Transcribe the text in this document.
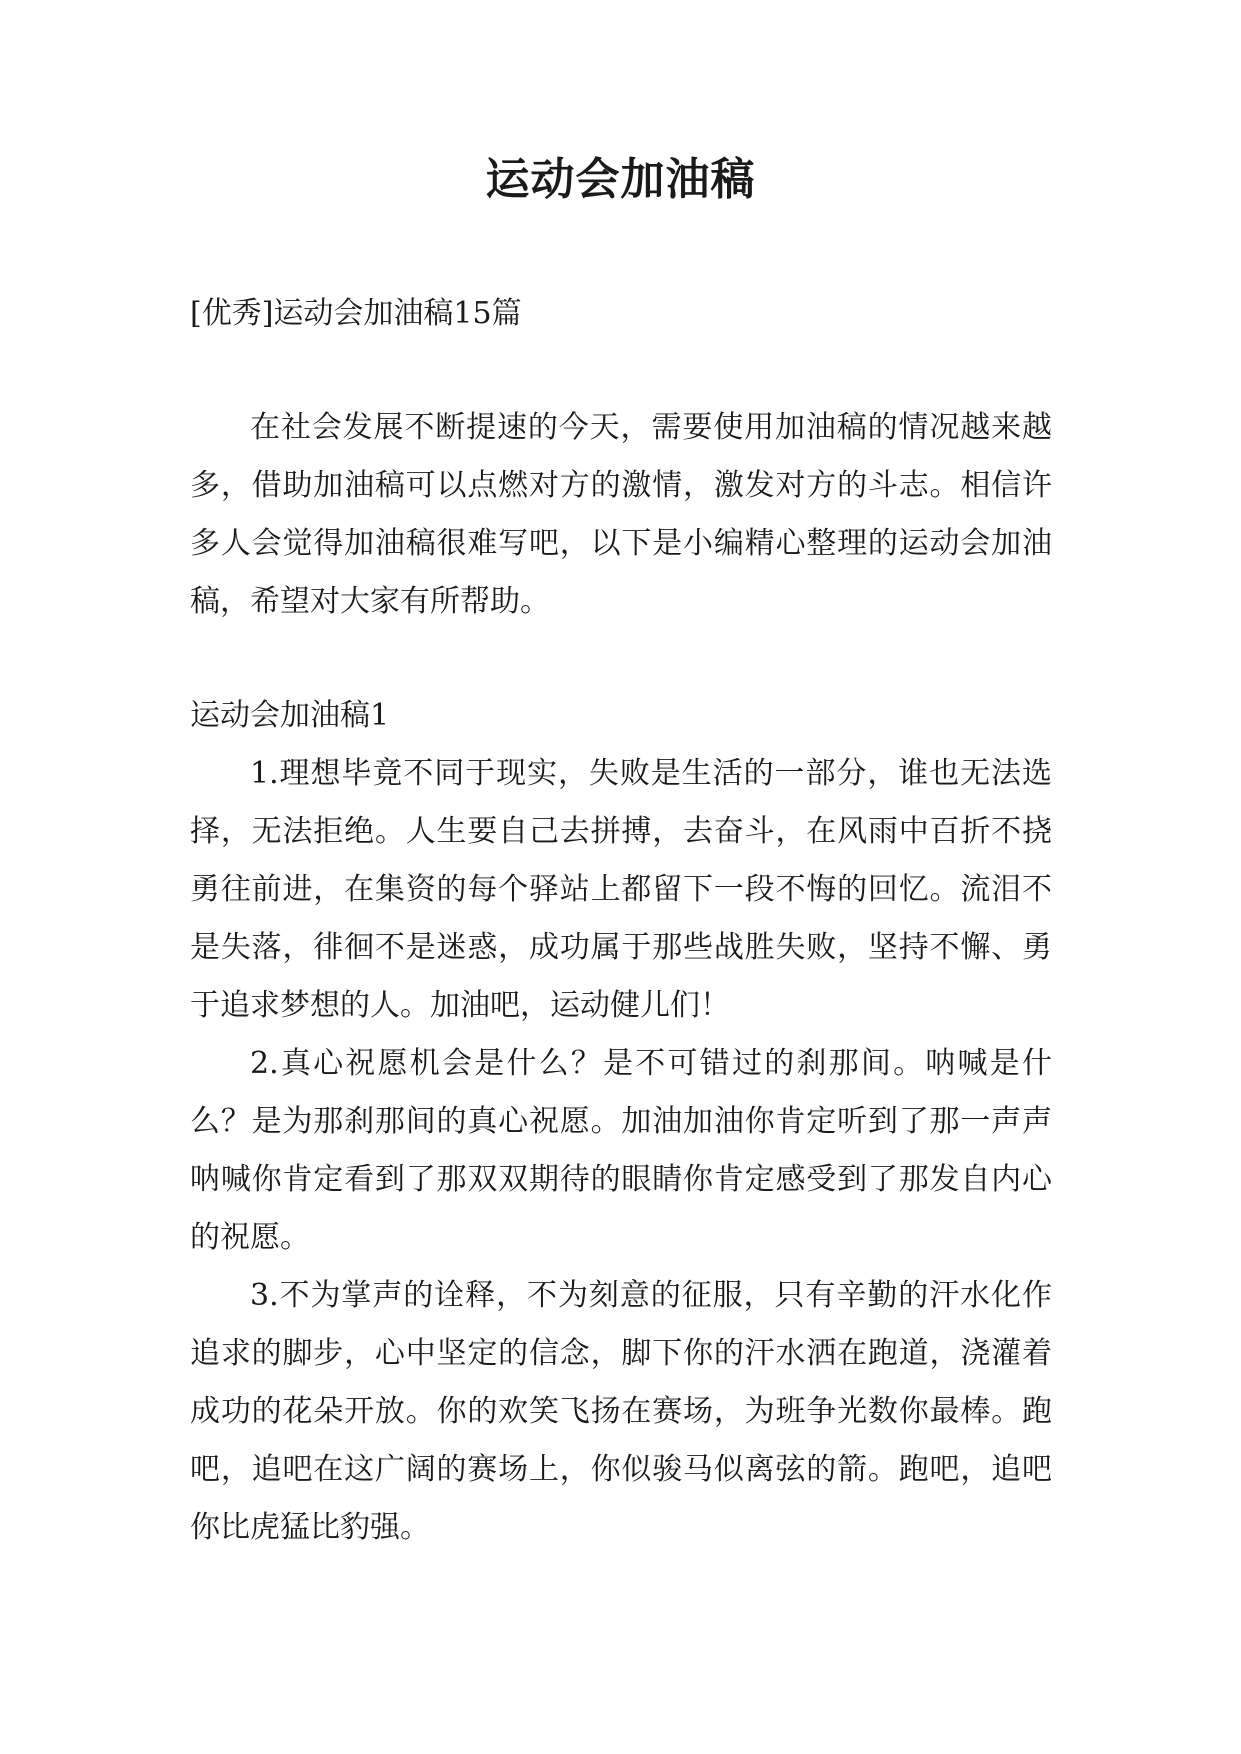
运动会加油稿

[优秀]运动会加油稿15篇

在社会发展不断提速的今天，需要使用加油稿的情况越来越多，借助加油稿可以点燃对方的激情，激发对方的斗志。相信许多人会觉得加油稿很难写吧，以下是小编精心整理的运动会加油稿，希望对大家有所帮助。

运动会加油稿1

1.理想毕竟不同于现实，失败是生活的一部分，谁也无法选择，无法拒绝。人生要自己去拼搏，去奋斗，在风雨中百折不挠勇往前进，在集资的每个驿站上都留下一段不悔的回忆。流泪不是失落，徘徊不是迷惑，成功属于那些战胜失败，坚持不懈、勇于追求梦想的人。加油吧，运动健儿们！

2.真心祝愿机会是什么？是不可错过的刹那间。呐喊是什么？是为那刹那间的真心祝愿。加油加油你肯定听到了那一声声呐喊你肯定看到了那双双期待的眼睛你肯定感受到了那发自内心的祝愿。

3.不为掌声的诠释，不为刻意的征服，只有辛勤的汗水化作追求的脚步，心中坚定的信念，脚下你的汗水洒在跑道，浇灌着成功的花朵开放。你的欢笑飞扬在赛场，为班争光数你最棒。跑吧，追吧在这广阔的赛场上，你似骏马似离弦的箭。跑吧，追吧你比虎猛比豹强。
